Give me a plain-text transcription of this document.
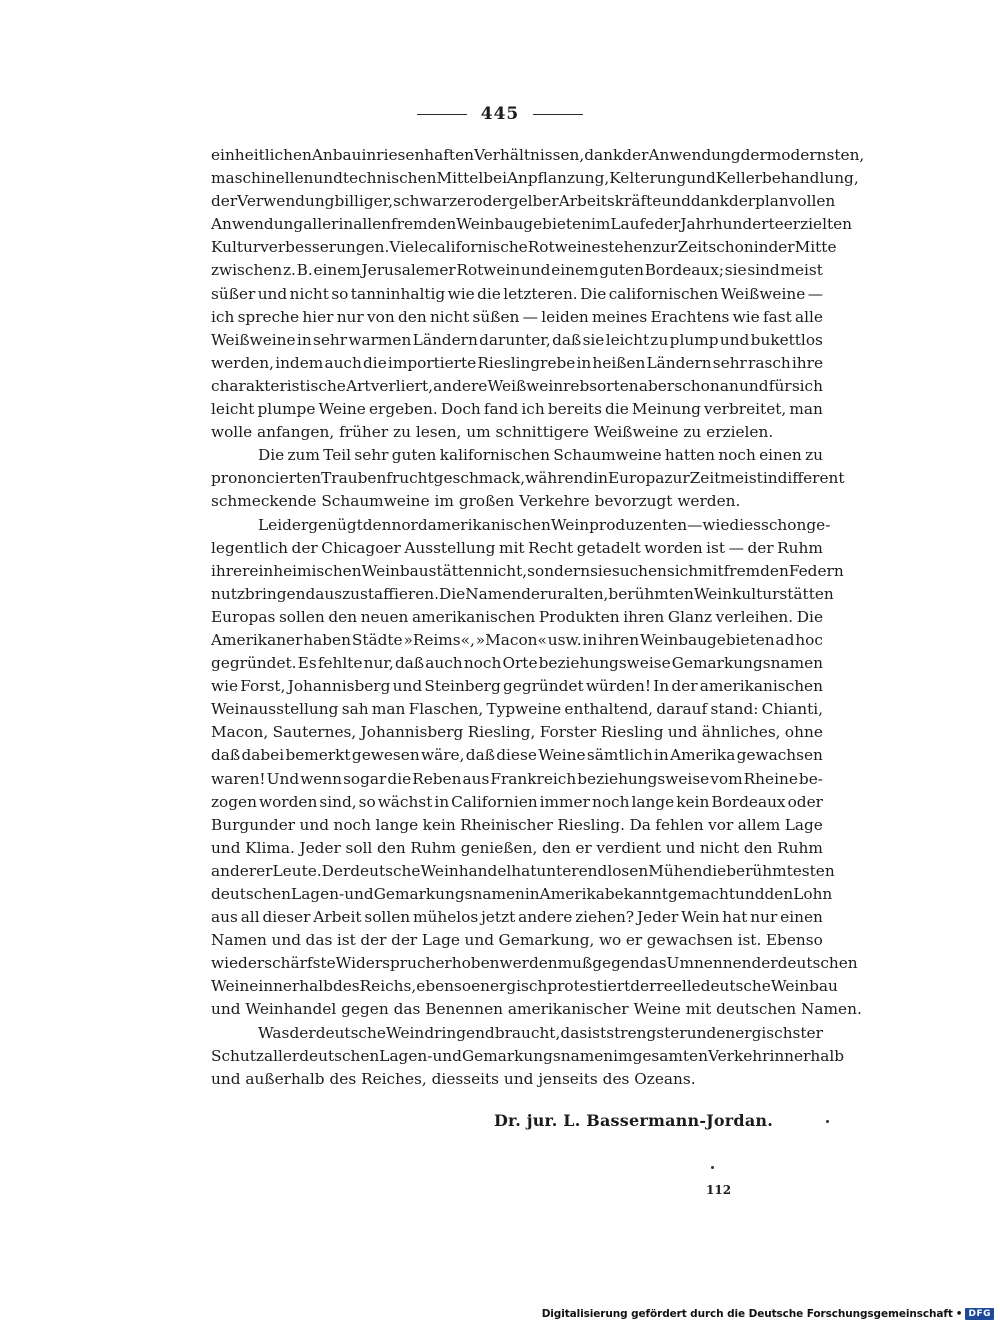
445
einheitlichen Anbau in riesenhaften Verhältnissen, dank der Anwendung der modernsten,
maschinellen und technischen Mittel bei Anpflanzung, Kelterung und Kellerbehandlung,
der Verwendung billiger, schwarzer oder gelber Arbeitskräfte und dank der planvollen
Anwendung aller in allen fremden Weinbaugebieten im Laufe der Jahrhunderte erzielten
Kulturverbesserungen. Viele californische Rotweine stehen zur Zeit schon in der Mitte
zwischen z. B. einem Jerusalemer Rotwein und einem guten Bordeaux; sie sind meist
süßer und nicht so tanninhaltig wie die letzteren. Die californischen Weißweine —
ich spreche hier nur von den nicht süßen — leiden meines Erachtens wie fast alle
Weißweine in sehr warmen Ländern darunter, daß sie leicht zu plump und bukettlos
werden, indem auch die importierte Rieslingrebe in heißen Ländern sehr rasch ihre
charakteristische Art verliert, andere Weißweinrebsorten aber schon an und für sich
leicht plumpe Weine ergeben. Doch fand ich bereits die Meinung verbreitet, man
wolle anfangen, früher zu lesen, um schnittigere Weißweine zu erzielen.
Die zum Teil sehr guten kalifornischen Schaumweine hatten noch einen zu
prononcierten Traubenfruchtgeschmack, während in Europa zur Zeit meist indifferent
schmeckende Schaumweine im großen Verkehre bevorzugt werden.
Leider genügt den nordamerikanischen Weinproduzenten — wie dies schon ge-
legentlich der Chicagoer Ausstellung mit Recht getadelt worden ist — der Ruhm
ihrer einheimischen Weinbaustätten nicht, sondern sie suchen sich mit fremden Federn
nutzbringend auszustaffieren. Die Namen der uralten, berühmten Weinkulturstätten
Europas sollen den neuen amerikanischen Produkten ihren Glanz verleihen. Die
Amerikaner haben Städte »Reims«, »Macon« usw. in ihren Weinbaugebieten ad hoc
gegründet. Es fehlte nur, daß auch noch Orte beziehungsweise Gemarkungsnamen
wie Forst, Johannisberg und Steinberg gegründet würden! In der amerikanischen
Weinausstellung sah man Flaschen, Typweine enthaltend, darauf stand: Chianti,
Macon, Sauternes, Johannisberg Riesling, Forster Riesling und ähnliches, ohne
daß dabei bemerkt gewesen wäre, daß diese Weine sämtlich in Amerika gewachsen
waren! Und wenn sogar die Reben aus Frankreich beziehungsweise vom Rheine be-
zogen worden sind, so wächst in Californien immer noch lange kein Bordeaux oder
Burgunder und noch lange kein Rheinischer Riesling. Da fehlen vor allem Lage
und Klima. Jeder soll den Ruhm genießen, den er verdient und nicht den Ruhm
anderer Leute. Der deutsche Weinhandel hat unter endlosen Mühen die berühmtesten
deutschen Lagen- und Gemarkungsnamen in Amerika bekannt gemacht und den Lohn
aus all dieser Arbeit sollen mühelos jetzt andere ziehen? Jeder Wein hat nur einen
Namen und das ist der der Lage und Gemarkung, wo er gewachsen ist. Ebenso
wie der schärfste Widerspruch erhoben werden muß gegen das Umnennen der deutschen
Weine innerhalb des Reichs, ebenso energisch protestiert der reelle deutsche Weinbau
und Weinhandel gegen das Benennen amerikanischer Weine mit deutschen Namen.
Was der deutsche Wein dringend braucht, das ist strengster und energischster
Schutz aller deutschen Lagen- und Gemarkungsnamen im gesamten Verkehr innerhalb
und außerhalb des Reiches, diesseits und jenseits des Ozeans.
Dr. jur. L. Bassermann-Jordan.
112
Digitalisierung gefördert durch die Deutsche Forschungsgemeinschaft • DFG
